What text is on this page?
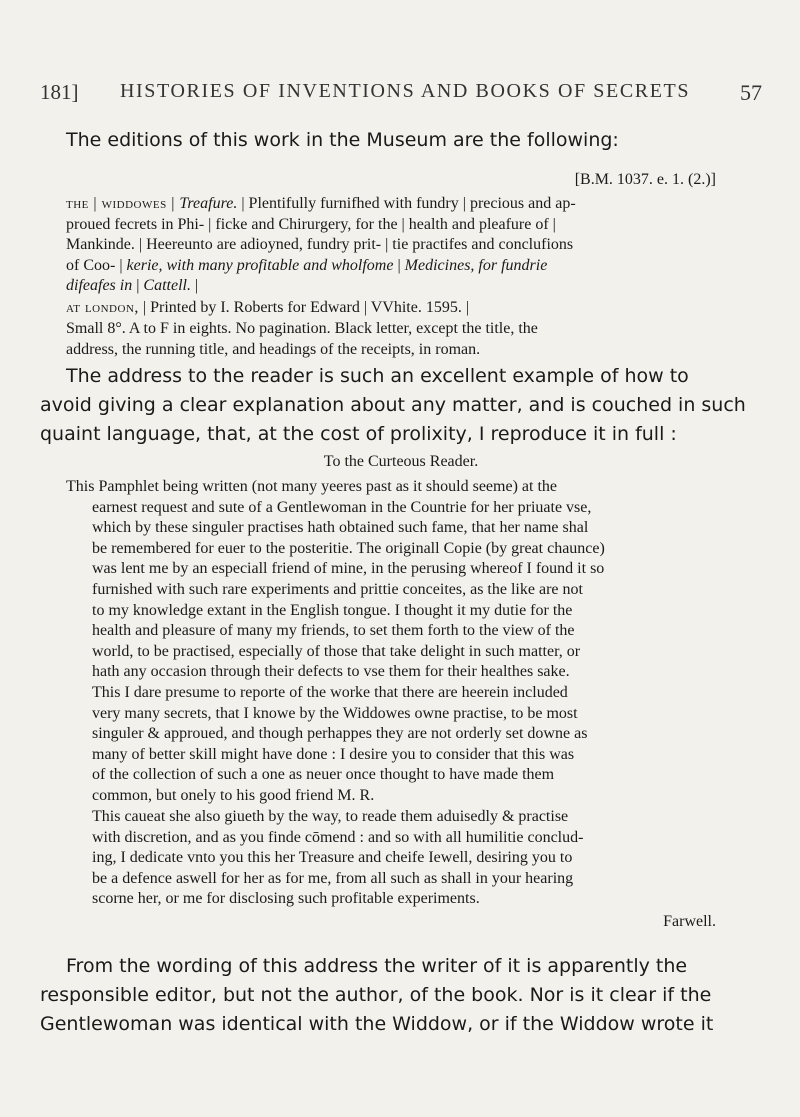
181] HISTORIES OF INVENTIONS AND BOOKS OF SECRETS 57

The editions of this work in the Museum are the following:

[B.M. 1037. e. 1. (2.)]

the | widdowes | Treafure. | Plentifully furnifhed with fundry | precious and ap-

proued fecrets in Phi- | ficke and Chirurgery, for the | health and pleafure of |

Mankinde. | Heereunto are adioyned, fundry prit- | tie practifes and conclufions

of Coo- | kerie, with many profitable and wholfome | Medicines, for fundrie

difeafes in | Cattell. |

at london, | Printed by I. Roberts for Edward | VVhite. 1595. |

Small 8°. A to F in eights. No pagination. Black letter, except the title, the

address, the running title, and headings of the receipts, in roman.

The address to the reader is such an excellent example of how to

avoid giving a clear explanation about any matter, and is couched in such

quaint language, that, at the cost of prolixity, I reproduce it in full :

To the Curteous Reader.

This Pamphlet being written (not many yeeres past as it should seeme) at the

earnest request and sute of a Gentlewoman in the Countrie for her priuate vse,

which by these singuler practises hath obtained such fame, that her name shal

be remembered for euer to the posteritie. The originall Copie (by great chaunce)

was lent me by an especiall friend of mine, in the perusing whereof I found it so

furnished with such rare experiments and prittie conceites, as the like are not

to my knowledge extant in the English tongue. I thought it my dutie for the

health and pleasure of many my friends, to set them forth to the view of the

world, to be practised, especially of those that take delight in such matter, or

hath any occasion through their defects to vse them for their healthes sake.

This I dare presume to reporte of the worke that there are heerein included

very many secrets, that I knowe by the Widdowes owne practise, to be most

singuler & approued, and though perhappes they are not orderly set downe as

many of better skill might have done : I desire you to consider that this was

of the collection of such a one as neuer once thought to have made them

common, but onely to his good friend M. R.

This caueat she also giueth by the way, to reade them aduisedly & practise

with discretion, and as you finde cōmend : and so with all humilitie conclud-

ing, I dedicate vnto you this her Treasure and cheife Iewell, desiring you to

be a defence aswell for her as for me, from all such as shall in your hearing

scorne her, or me for disclosing such profitable experiments.

Farwell.

From the wording of this address the writer of it is apparently the

responsible editor, but not the author, of the book. Nor is it clear if the

Gentlewoman was identical with the Widdow, or if the Widdow wrote it
